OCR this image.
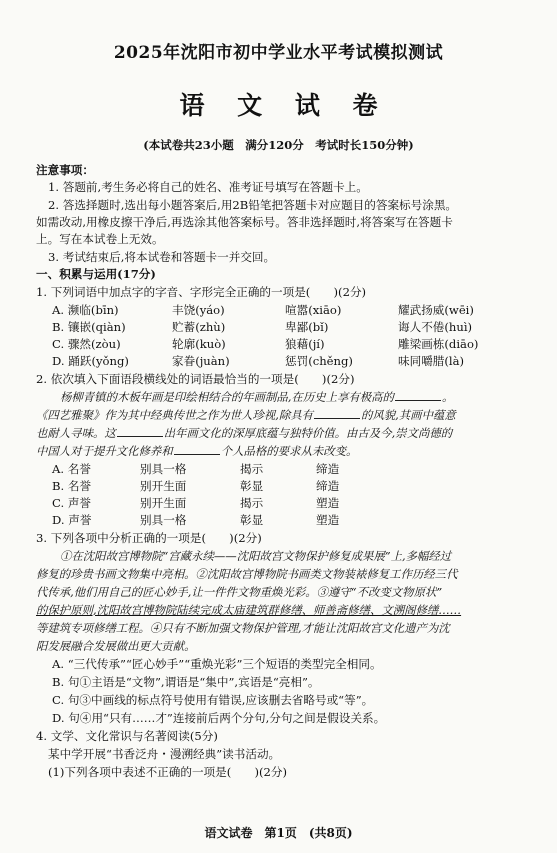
2025年沈阳市初中学业水平考试模拟测试
语 文 试 卷
(本试卷共23小题　满分120分　考试时长150分钟)
注意事项：
1. 答题前,考生务必将自己的姓名、准考证号填写在答题卡上。
2. 答选择题时,选出每小题答案后,用2B铅笔把答题卡对应题目的答案标号涂黑。
如需改动,用橡皮擦干净后,再选涂其他答案标号。答非选择题时,将答案写在答题卡
上。写在本试卷上无效。
3. 考试结束后,将本试卷和答题卡一并交回。
一、积累与运用(17分)
1. 下列词语中加点字的字音、字形完全正确的一项是(　　)(2分)
A. 濒临(bīn)	丰饶(yáo)	喧嚣(xiāo)	耀武扬威(wēi)
B. 镶嵌(qiàn)	贮蓄(zhù)	卑鄙(bǐ)	诲人不倦(huì)
C. 骤然(zòu)	轮廓(kuò)	狼藉(jí)	雕梁画栋(diāo)
D. 踊跃(yǒng)	家眷(juàn)	惩罚(chěng)	味同嚼腊(là)
2. 依次填入下面语段横线处的词语最恰当的一项是(　　)(2分)
杨柳青镇的木板年画是印绘相结合的年画制品,在历史上享有极高的	。
《四艺雅聚》作为其中经典传世之作为世人珍视,除具有	的风貌,其画中蕴意
也耐人寻味。这	出年画文化的深厚底蕴与独特价值。由古及今,崇文尚德的
中国人对于提升文化修养和	个人品格的要求从未改变。
A. 名誉	别具一格	揭示	缔造
B. 名誉	别开生面	彰显	缔造
C. 声誉	别开生面	揭示	塑造
D. 声誉	别具一格	彰显	塑造
3. 下列各项中分析正确的一项是(　　)(2分)
①在沈阳故宫博物院“宫藏永续——沈阳故宫文物保护修复成果展”上,多幅经过
修复的珍贵书画文物集中亮相。②沈阳故宫博物院书画类文物装裱修复工作历经三代
代传承,他们用自己的匠心妙手,让一件件文物重焕光彩。③遵守“不改变文物原状”
的保护原则,沈阳故宫博物院陆续完成太庙建筑群修缮、师善斋修缮、文溯阁修缮……
等建筑专项修缮工程。④只有不断加强文物保护管理,才能让沈阳故宫文化遗产为沈
阳发展融合发展做出更大贡献。
A. “三代传承”“匠心妙手”“重焕光彩”三个短语的类型完全相同。
B. 句①主语是“文物”,谓语是“集中”,宾语是“亮相”。
C. 句③中画线的标点符号使用有错误,应该删去省略号或“等”。
D. 句④用“只有……才”连接前后两个分句,分句之间是假设关系。
4. 文学、文化常识与名著阅读(5分)
某中学开展“书香泛舟・漫溯经典”读书活动。
(1)下列各项中表述不正确的一项是(　　)(2分)
语文试卷　第1页　(共8页)
